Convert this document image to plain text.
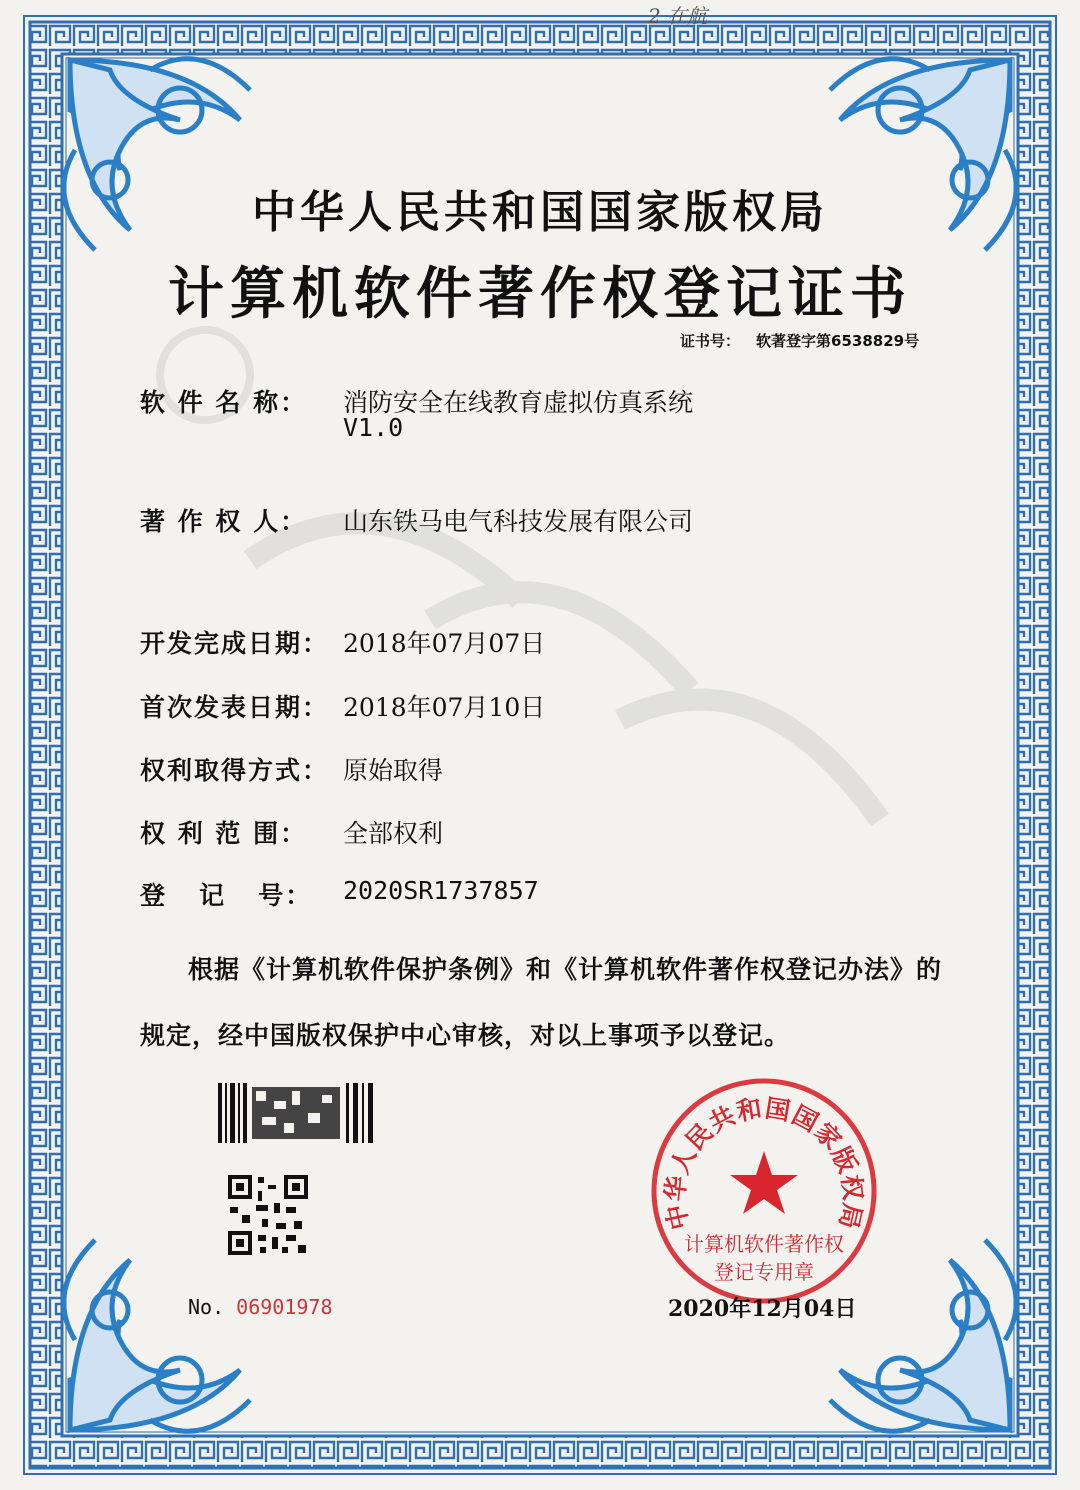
2 在航
中华人民共和国国家版权局
计算机软件著作权登记证书
证书号： 软著登字第6538829号
软 件 名 称： 消防安全在线教育虚拟仿真系统
V1.0
著 作 权 人： 山东铁马电气科技发展有限公司
开发完成日期： 2018年07月07日
首次发表日期： 2018年07月10日
权利取得方式： 原始取得
权 利 范 围： 全部权利
登   记   号： 2020SR1737857
根据《计算机软件保护条例》和《计算机软件著作权登记办法》的
规定，经中国版权保护中心审核，对以上事项予以登记。
No. 06901978
中华人民共和国国家版权局
计算机软件著作权
登记专用章
2020年12月04日
